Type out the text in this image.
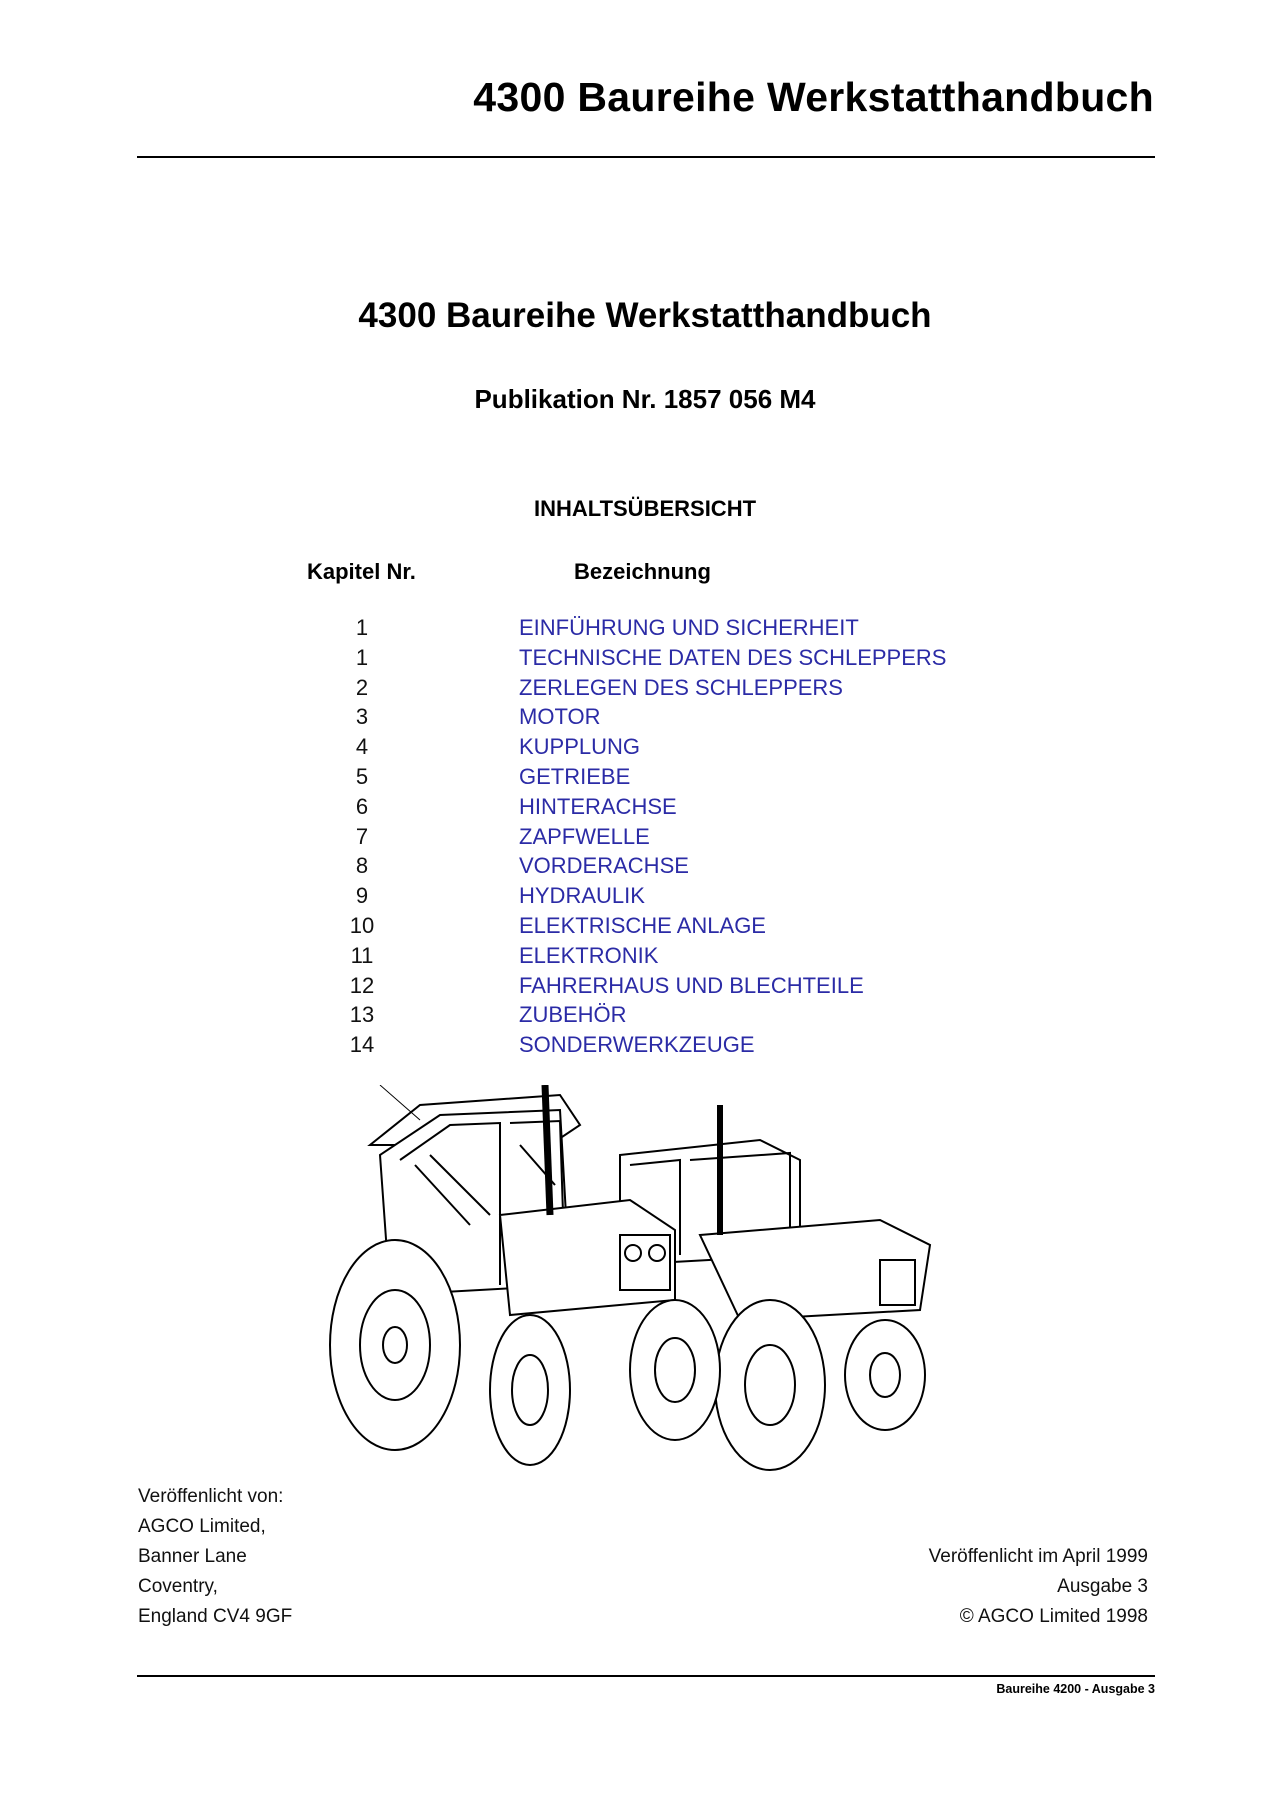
4300 Baureihe Werkstatthandbuch
4300 Baureihe Werkstatthandbuch
Publikation Nr. 1857 056 M4
INHALTSÜBERSICHT
Kapitel Nr.	Bezeichnung
1	EINFÜHRUNG UND SICHERHEIT
1	TECHNISCHE DATEN DES SCHLEPPERS
2	ZERLEGEN DES SCHLEPPERS
3	MOTOR
4	KUPPLUNG
5	GETRIEBE
6	HINTERACHSE
7	ZAPFWELLE
8	VORDERACHSE
9	HYDRAULIK
10	ELEKTRISCHE ANLAGE
11	ELEKTRONIK
12	FAHRERHAUS UND BLECHTEILE
13	ZUBEHÖR
14	SONDERWERKZEUGE
Veröffenlicht von:
AGCO Limited,
Banner Lane
Coventry,
England CV4 9GF
Veröffenlicht im April 1999
Ausgabe 3
© AGCO Limited 1998
Baureihe 4200 - Ausgabe 3
